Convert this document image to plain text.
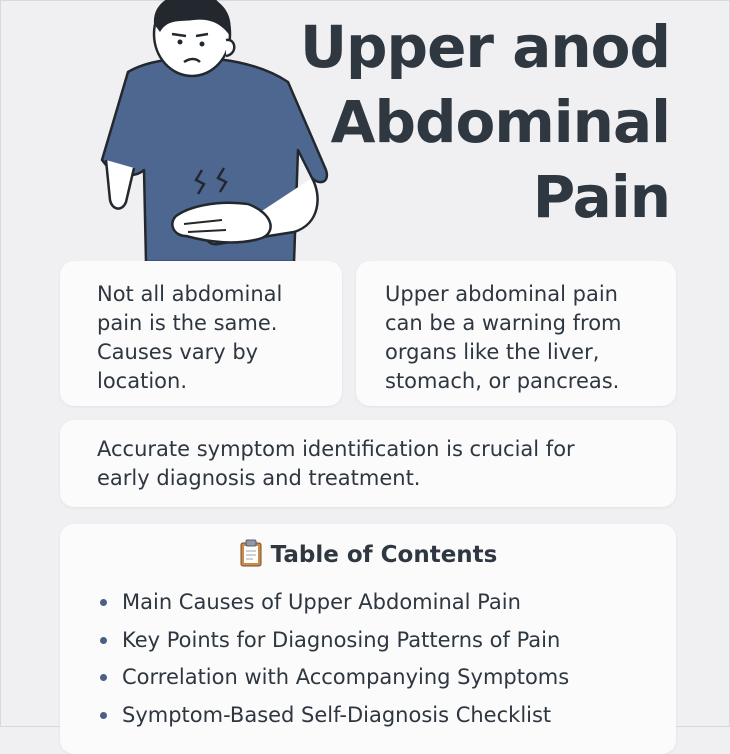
Upper anod
Abdominal
Pain

Not all abdominal

pain is the same.

Causes vary by

location.

Upper abdominal pain

can be a warning from

organs like the liver,

stomach, or pancreas.

Accurate symptom identification is crucial for

early diagnosis and treatment.

Table of Contents
Main Causes of Upper Abdominal Pain
Key Points for Diagnosing Patterns of Pain
Correlation with Accompanying Symptoms
Symptom-Based Self-Diagnosis Checklist
